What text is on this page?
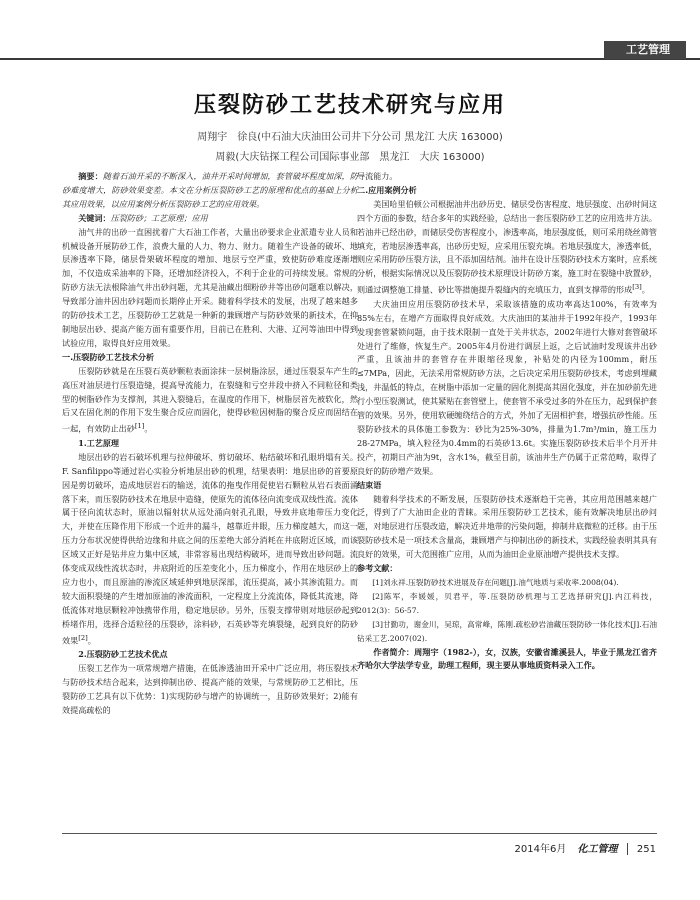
工艺管理
压裂防砂工艺技术研究与应用
周翔宇　徐良(中石油大庆油田公司井下分公司 黑龙江 大庆 163000)
周毅(大庆钻探工程公司国际事业部　黑龙江　大庆 163000)

摘要：随着石油开采的不断深入，油井开采时间增加，套管破坏程度加深，防砂难度增大，防砂效果变差。本文在分析压裂防砂工艺的原理和优点的基础上分析其应用效果，以应用案例分析压裂防砂工艺的应用效果。

关键词：压裂防砂；工艺原理；应用

油气井的出砂一直困扰着广大石油工作者，大量出砂要求企业派遣专业人员和机械设备开展防砂工作，浪费大量的人力、物力、财力。随着生产设备的破坏、地层渗透率下降，储层骨架破坏程度的增加、地层亏空严重，致使防砂难度逐渐增加，不仅造成采油率的下降，还增加经济投入，不利于企业的可持续发展。常规的防砂方法无法根除油气井出砂问题，尤其是油藏出细粉砂井等出砂问题难以解决，导致部分油井因出砂问题而长期停止开采。随着科学技术的发展，出现了越来越多的防砂技术工艺，压裂防砂工艺就是一种新的兼顾增产与防砂效果的新技术，在抑制地层出砂、提高产能方面有重要作用，目前已在胜利、大港、辽河等油田中得到试验应用，取得良好应用效果。

一.压裂防砂工艺技术分析

压裂防砂就是在压裂石英砂颗粒表面涂抹一层树脂涂层，通过压裂泵车产生的高压对油层进行压裂造缝，提高导流能力，在裂缝和亏空井段中挤入不同粒径和类型的树脂砂作为支撑剂，其进入裂缝后，在温度的作用下，树脂层首先被软化，然后又在固化剂的作用下发生聚合反应而固化，使得砂粒因树脂的聚合反应而固结在一起，有效防止出砂[1]。

1.工艺原理

地层出砂的岩石破坏机理与拉伸破坏、剪切破坏、粘结破坏和孔眼坍塌有关。F. Sanfilippo等通过岩心实验分析地层出砂的机理，结果表明：地层出砂的首要原因是剪切破坏，造成地层岩石的输送，流体的拖曳作用促使岩石颗粒从岩石表面涌落下来，而压裂防砂技术在地层中造缝，使原先的流体径向流变成双线性流。流体属于径向流状态时，原油以辐射状从远处涌向射孔孔眼，导致井底地带压力变化大，并使在压降作用下形成一个近井的漏斗，越靠近井眼，压力梯度越大，而这一压力分布状况使得供给边缘和井底之间的压差绝大部分消耗在井底附近区域，而该区域又正好是钻井应力集中区域，非常容易出现结构破坏，进而导致出砂问题。流体变成双线性流状态时，井底附近的压差变化小，压力梯度小，作用在地层砂上的应力也小，而且原油的渗流区域延伸到地层深部，流压提高，减小其渗流阻力。而较大面积裂缝的产生增加原油的渗流面积，一定程度上分流流体，降低其流速，降低流体对地层颗粒冲蚀携带作用，稳定地层砂。另外，压裂支撑带则对地层砂起到桥堵作用，选择合适粒径的压裂砂，涂料砂，石英砂等充填裂缝，起到良好的防砂效果[2]。

2.压裂防砂工艺技术优点

压裂工艺作为一项常规增产措施，在低渗透油田开采中广泛应用，将压裂技术与防砂技术结合起来，达到抑制出砂、提高产能的效果，与常规防砂工艺相比，压裂防砂工艺具有以下优势：1)实现防砂与增产的协调统一，且防砂效果好；2)能有效提高疏松的

导流能力。

二.应用案例分析

美国哈里伯顿公司根据油井出砂历史、储层受伤害程度、地层强度、出砂时间这四个方面的参数，结合多年的实践经验，总结出一套压裂防砂工艺的应用选井方法。若油井已经出砂，而储层受伤害程度小，渗透率高，地层强度低，则可采用绕丝筛管填充，若地层渗透率高，出砂历史短，应采用压裂充填。若地层强度大，渗透率低，则应采用防砂压裂方法，且不添加固结剂。油井在设计压裂防砂技术方案时，应系统分析，根据实际情况以及压裂防砂技术原理设计防砂方案，施工时在裂缝中放置砂，则通过调整施工排量、砂比等措施提升裂缝内的充填压力，直到支撑带的形成[3]。

大庆油田应用压裂防砂技术早，采取该措施的成功率高达100%，有效率为85%左右，在增产方面取得良好成效。大庆油田的某油井于1992年投产，1993年发现套管紧锁问题，由于技术限制一直处于关井状态，2002年进行大修对套管破坏处进行了维修，恢复生产。2005年4月份进行调层上返，之后试油时发现该井出砂严重，且该油井的套管存在井眼缩径现象，补贴处的内径为100mm，耐压≤7MPa，因此，无法采用常规防砂方法，之后决定采用压裂防砂技术，考虑到埋藏浅，井温低的特点，在树脂中添加一定量的固化剂提高其固化强度，并在加砂前先进行小型压裂测试，使其紧贴在套管壁上，使套管不承受过多的外在压力，起到保护套管的效果。另外，使用软硬缠绕结合的方式，外加了无固相护套，增强抗砂性能。压裂防砂技术的具体施工参数为：砂比为25%-30%，排量为1.7m³/min，施工压力28-27MPa，填入粒径为0.4mm的石英砂13.6t。实施压裂防砂技术后半个月开井投产，初期日产油为9t，含水1%，截至目前，该油井生产仍属于正常范畴，取得了良好的防砂增产效果。

结束语

随着科学技术的不断发展，压裂防砂技术逐渐趋于完善，其应用范围越来越广泛，得到了广大油田企业的青睐。采用压裂防砂工艺技术，能有效解决地层出砂问题，对地层进行压裂改造，解决近井地带的污染问题，抑制井底微粒的迁移。由于压裂防砂技术是一项技术含量高，兼顾增产与抑制出砂的新技术，实践经验表明其具有良好的效果，可大范围推广应用，从而为油田企业原油增产提供技术支撑。

参考文献：

[1]刘永祥.压裂防砂技术进展及存在问题[J].油气地质与采收率.2008(04).

[2]陈军，李媛媛，贝君平，等.压裂防砂机理与工艺选择研究[J].内江科技，2012(3)：56-57.

[3]甘勤功，谢金川，吴琼，高常峰，陈刚.疏松砂岩油藏压裂防砂一体化技术[J].石油钻采工艺.2007(02).

作者简介：周翔宇（1982-），女，汉族，安徽省濉溪县人，毕业于黑龙江省齐齐哈尔大学法学专业，助理工程师，现主要从事地质资料录入工作。

2014年6月 化工管理 251
